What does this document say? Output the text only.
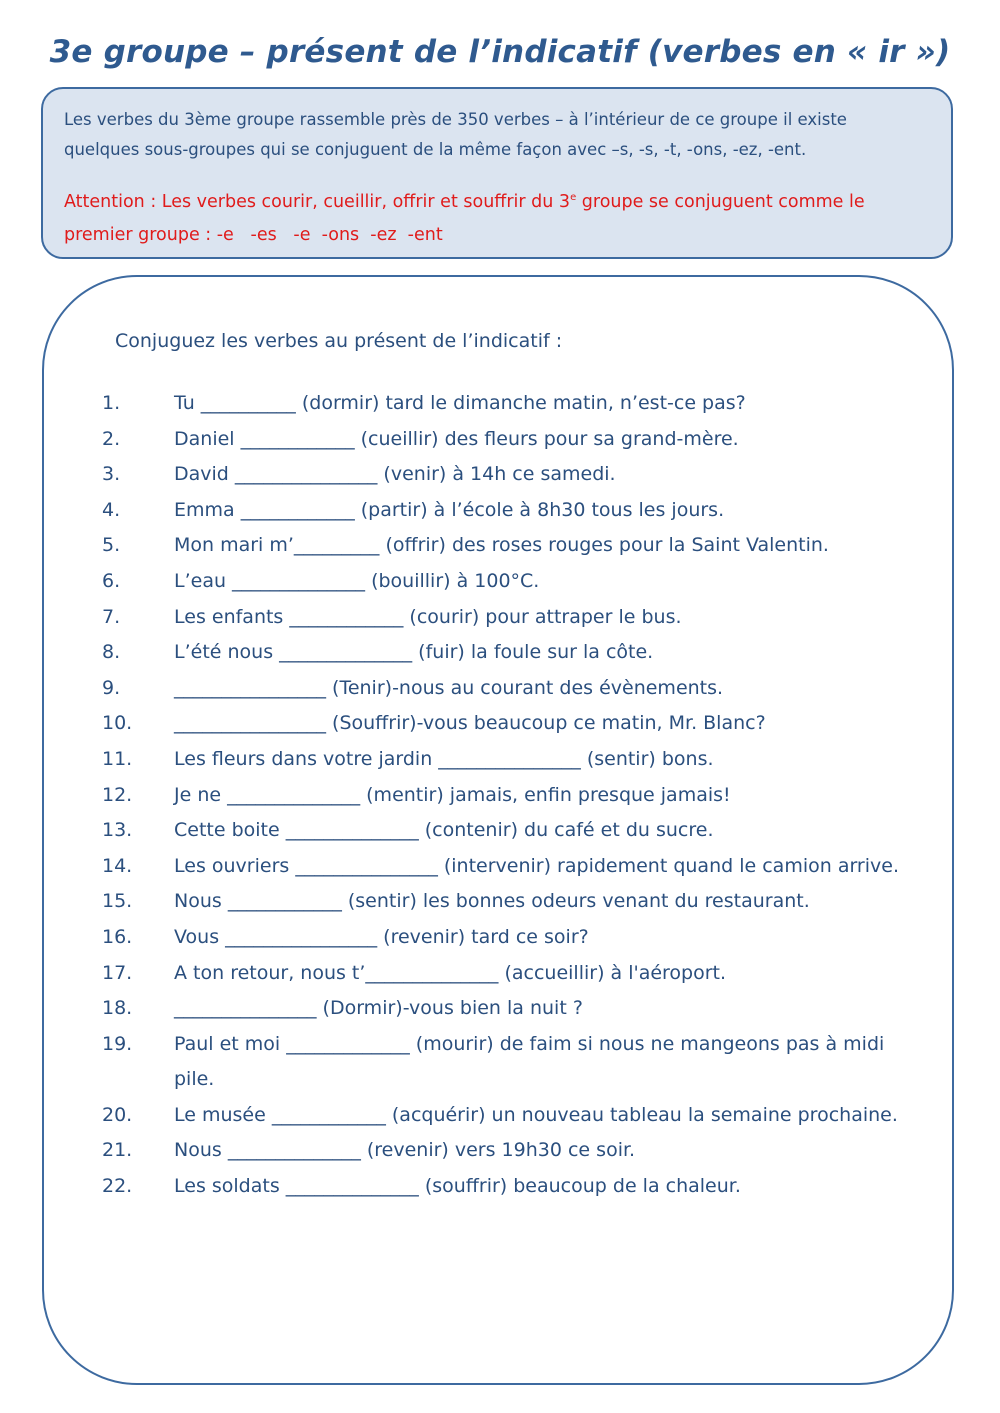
3e groupe – présent de l’indicatif (verbes en « ir »)

Les verbes du 3ème groupe rassemble près de 350 verbes – à l’intérieur de ce groupe il existe

quelques sous-groupes qui se conjuguent de la même façon avec –s, -s, -t, -ons, -ez, -ent.

Attention : Les verbes courir, cueillir, offrir et souffrir du 3e groupe se conjuguent comme le

premier groupe : -e   -es   -e  -ons  -ez  -ent

Conjuguez les verbes au présent de l’indicatif :
1.	Tu __________ (dormir) tard le dimanche matin, n’est-ce pas?
2.	Daniel ____________ (cueillir) des fleurs pour sa grand-mère.
3.	David _______________ (venir) à 14h ce samedi.
4.	Emma ____________ (partir) à l’école à 8h30 tous les jours.
5.	Mon mari m’_________ (offrir) des roses rouges pour la Saint Valentin.
6.	L’eau ______________ (bouillir) à 100°C.
7.	Les enfants ____________ (courir) pour attraper le bus.
8.	L’été nous ______________ (fuir) la foule sur la côte.
9.	________________ (Tenir)-nous au courant des évènements.
10.	________________ (Souffrir)-vous beaucoup ce matin, Mr. Blanc?
11.	Les fleurs dans votre jardin _______________ (sentir) bons.
12.	Je ne ______________ (mentir) jamais, enfin presque jamais!
13.	Cette boite ______________ (contenir) du café et du sucre.
14.	Les ouvriers _______________ (intervenir) rapidement quand le camion arrive.
15.	Nous ____________ (sentir) les bonnes odeurs venant du restaurant.
16.	Vous ________________ (revenir) tard ce soir?
17.	A ton retour, nous t’______________ (accueillir) à l'aéroport.
18.	_______________ (Dormir)-vous bien la nuit ?
19.	Paul et moi _____________ (mourir) de faim si nous ne mangeons pas à midi pile.
20.	Le musée ____________ (acquérir) un nouveau tableau la semaine prochaine.
21.	Nous ______________ (revenir) vers 19h30 ce soir.
22.	Les soldats ______________ (souffrir) beaucoup de la chaleur.
